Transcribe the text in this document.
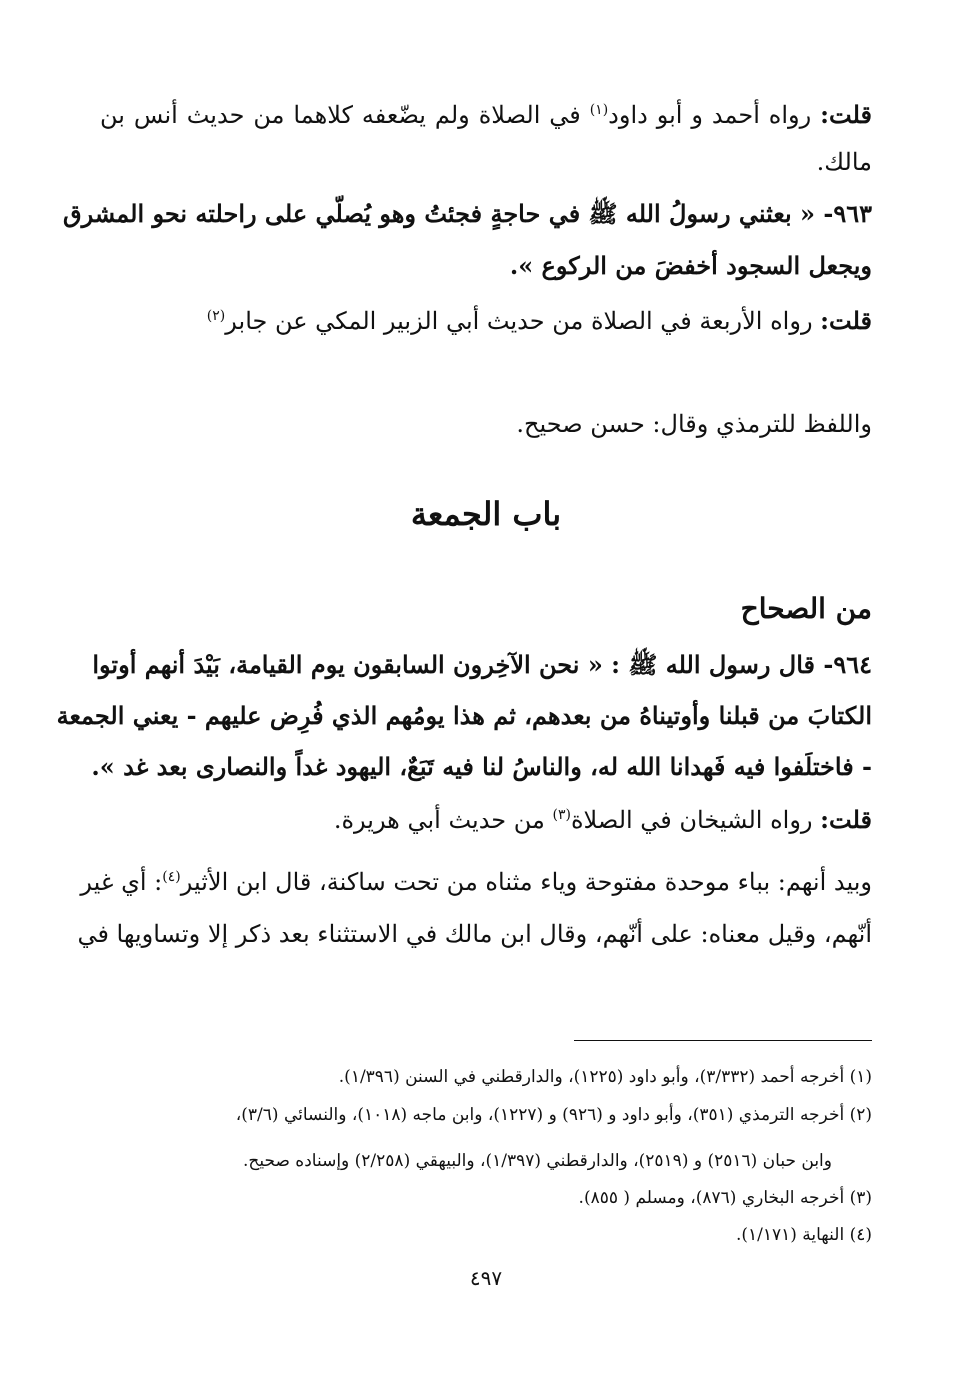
قلت: رواه أحمد و أبو داود$^{(١)}$ في الصلاة ولم يضّعفه كلاهما من حديث أنس بن
مالك.
٩٦٣- « بعثني رسولُ الله ﷺ في حاجةٍ فجئتُ وهو يُصلّي على راحلته نحو المشرق
ويجعل السجود أخفضَ من الركوع ».
قلت: رواه الأربعة في الصلاة من حديث أبي الزبير المكي عن جابر$^{(٢)}$
واللفظ للترمذي وقال: حسن صحيح.
باب الجمعة
من الصحاح
٩٦٤- قال رسول الله ﷺ : « نحن الآخِرون السابقون يوم القيامة، بَيْدَ أنهم أوتوا
الكتابَ من قبلنا وأوتيناهُ من بعدهم، ثم هذا يومُهم الذي فُرِض عليهم - يعني الجمعة
- فاختلَفوا فيه فَهدانا الله له، والناسُ لنا فيه تَبَعٌ، اليهود غداً والنصارى بعد غد ».
قلت: رواه الشيخان في الصلاة$^{(٣)}$ من حديث أبي هريرة.
وبيد أنهم: بباء موحدة مفتوحة وياء مثناه من تحت ساكنة، قال ابن الأثير$^{(٤)}$: أي غير
أنّهم، وقيل معناه: على أنّهم، وقال ابن مالك في الاستثناء بعد ذكر إلا وتساويها في
(١) أخرجه أحمد (٣/٣٣٢)، وأبو داود (١٢٢٥)، والدارقطني في السنن (١/٣٩٦).
(٢) أخرجه الترمذي (٣٥١)، وأبو داود و (٩٢٦) و (١٢٢٧)، وابن ماجه (١٠١٨)، والنسائي (٣/٦)،
وابن حبان (٢٥١٦) و (٢٥١٩)، والدارقطني (١/٣٩٧)، والبيهقي (٢/٢٥٨) وإسناده صحيح.
(٣) أخرجه البخاري (٨٧٦)، ومسلم ( ٨٥٥).
(٤) النهاية (١/١٧١).
٤٩٧
